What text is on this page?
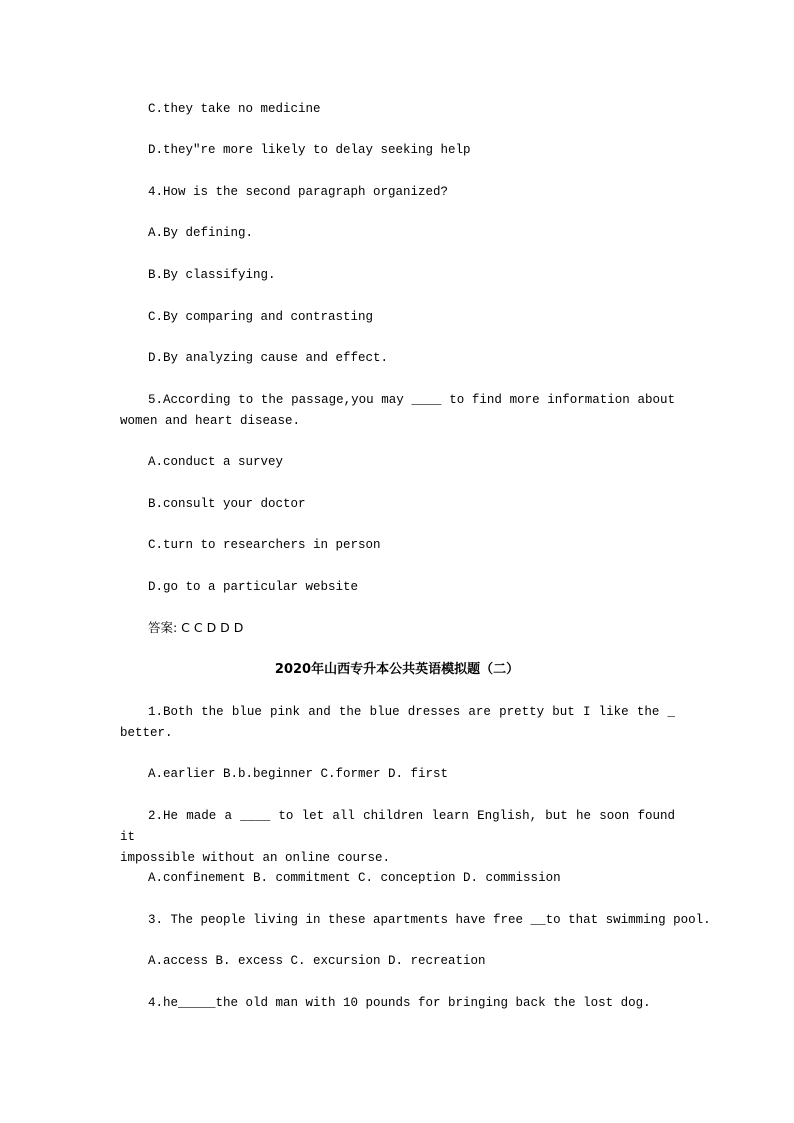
C.they take no medicine
D.they″re more likely to delay seeking help
4.How is the second paragraph organized?
A.By defining.
B.By classifying.
C.By comparing and contrasting
D.By analyzing cause and effect.
5.According to the passage,you may ____ to find more information about
women and heart disease.
A.conduct a survey
B.consult your doctor
C.turn to researchers in person
D.go to a particular website
答案: C C D D D
2020年山西专升本公共英语模拟题（二）
1.Both the blue pink and the blue dresses are pretty but I like the _
better.
A.earlier B.b.beginner C.former D. first
2.He made a ____ to let all children learn English, but he soon found it
impossible without an online course.
A.confinement B. commitment C. conception D. commission
3. The people living in these apartments have free __to that swimming pool.
A.access B. excess C. excursion D. recreation
4.he_____the old man with 10 pounds for bringing back the lost dog.
